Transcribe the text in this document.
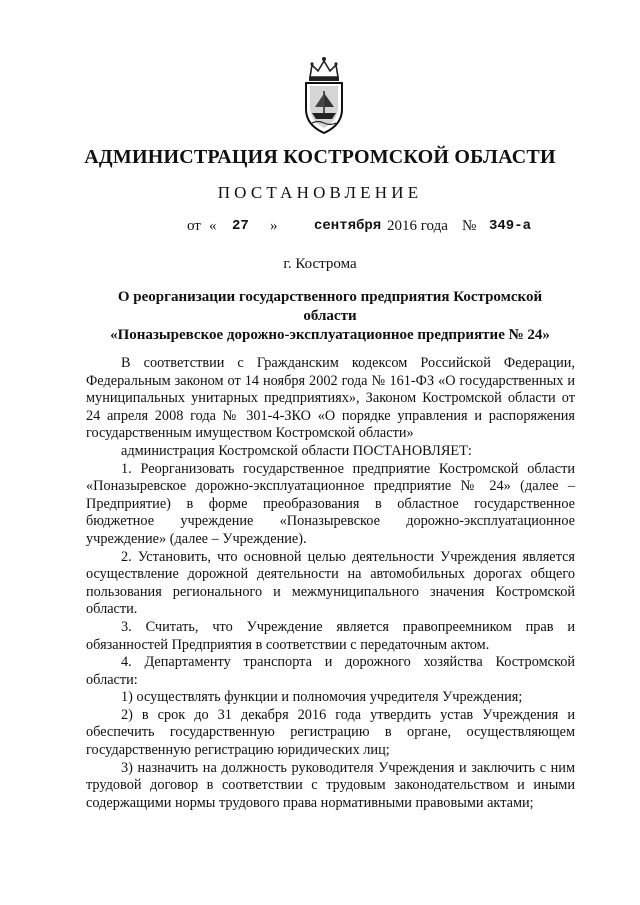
АДМИНИСТРАЦИЯ КОСТРОМСКОЙ ОБЛАСТИ
ПОСТАНОВЛЕНИЕ
от « 27 »	сентября 2016 года № 349-а
г. Кострома
О реорганизации государственного предприятия Костромской области
«Поназыревское дорожно-эксплуатационное предприятие № 24»

В соответствии с Гражданским кодексом Российской Федерации, Федеральным законом от 14 ноября 2002 года № 161-ФЗ «О государственных и муниципальных унитарных предприятиях», Законом Костромской области от 24 апреля 2008 года № 301-4-ЗКО «О порядке управления и распоряжения государственным имуществом Костромской области»

администрация Костромской области ПОСТАНОВЛЯЕТ:

1. Реорганизовать государственное предприятие Костромской области «Поназыревское дорожно-эксплуатационное предприятие № 24» (далее – Предприятие) в форме преобразования в областное государственное бюджетное учреждение «Поназыревское дорожно-эксплуатационное учреждение» (далее – Учреждение).

2. Установить, что основной целью деятельности Учреждения является осуществление дорожной деятельности на автомобильных дорогах общего пользования регионального и межмуниципального значения Костромской области.

3. Считать, что Учреждение является правопреемником прав и обязанностей Предприятия в соответствии с передаточным актом.

4. Департаменту транспорта и дорожного хозяйства Костромской области:

1) осуществлять функции и полномочия учредителя Учреждения;

2) в срок до 31 декабря 2016 года утвердить устав Учреждения и обеспечить государственную регистрацию в органе, осуществляющем государственную регистрацию юридических лиц;

3) назначить на должность руководителя Учреждения и заключить с ним трудовой договор в соответствии с трудовым законодательством и иными содержащими нормы трудового права нормативными правовыми актами;
